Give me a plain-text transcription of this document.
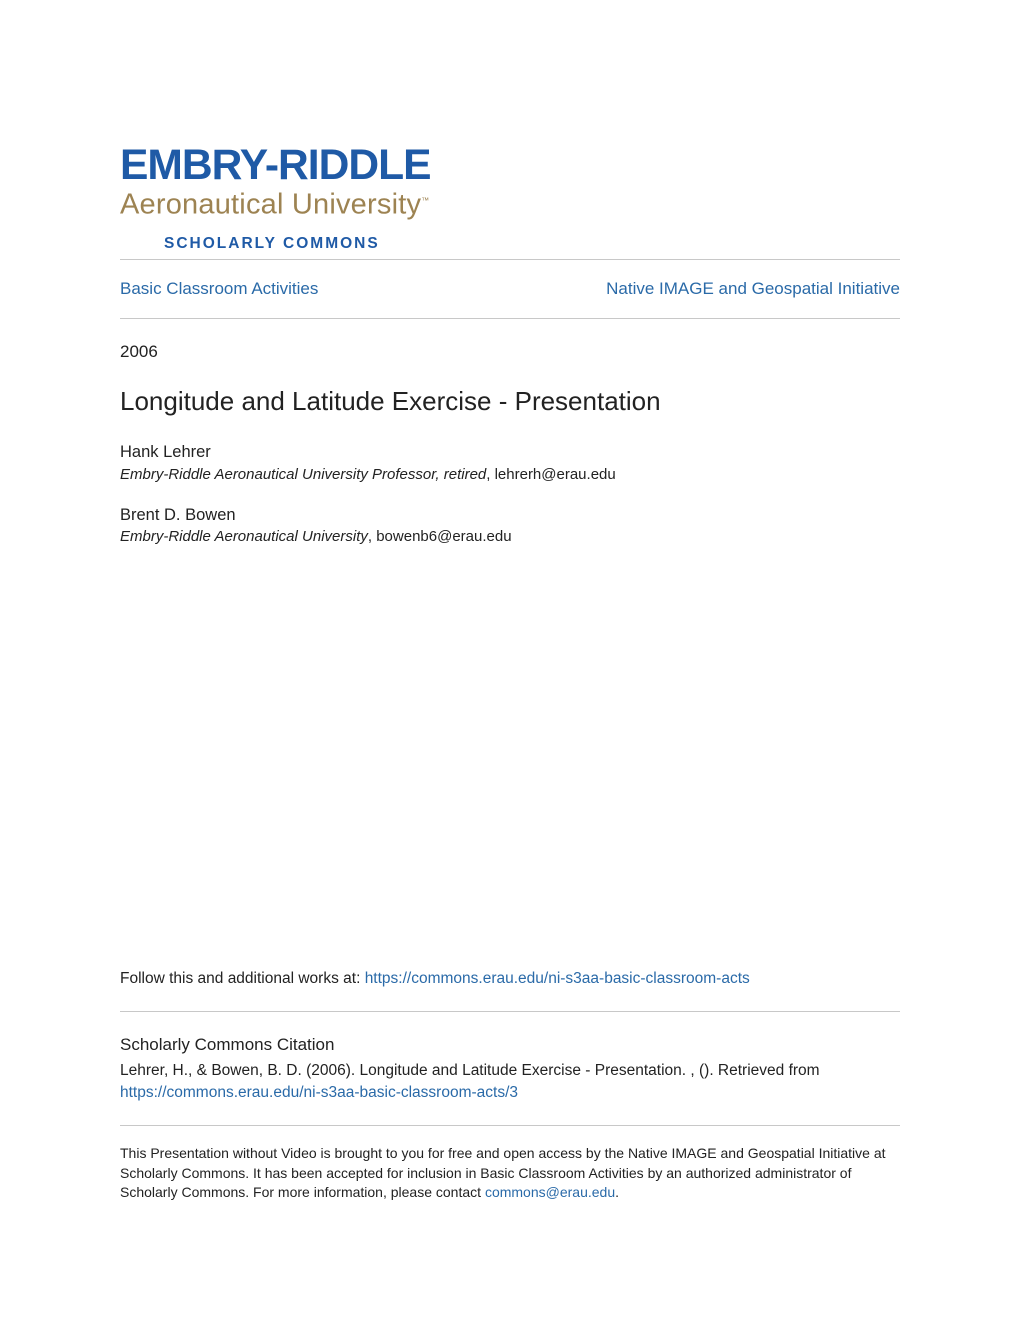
EMBRY-RIDDLE
Aeronautical University™
SCHOLARLY COMMONS
Basic Classroom Activities	Native IMAGE and Geospatial Initiative
2006
Longitude and Latitude Exercise - Presentation
Hank Lehrer
Embry-Riddle Aeronautical University Professor, retired, lehrerh@erau.edu
Brent D. Bowen
Embry-Riddle Aeronautical University, bowenb6@erau.edu
Follow this and additional works at: https://commons.erau.edu/ni-s3aa-basic-classroom-acts
Scholarly Commons Citation
Lehrer, H., & Bowen, B. D. (2006). Longitude and Latitude Exercise - Presentation. , (). Retrieved from
https://commons.erau.edu/ni-s3aa-basic-classroom-acts/3
This Presentation without Video is brought to you for free and open access by the Native IMAGE and Geospatial Initiative at Scholarly Commons. It has been accepted for inclusion in Basic Classroom Activities by an authorized administrator of Scholarly Commons. For more information, please contact commons@erau.edu.
